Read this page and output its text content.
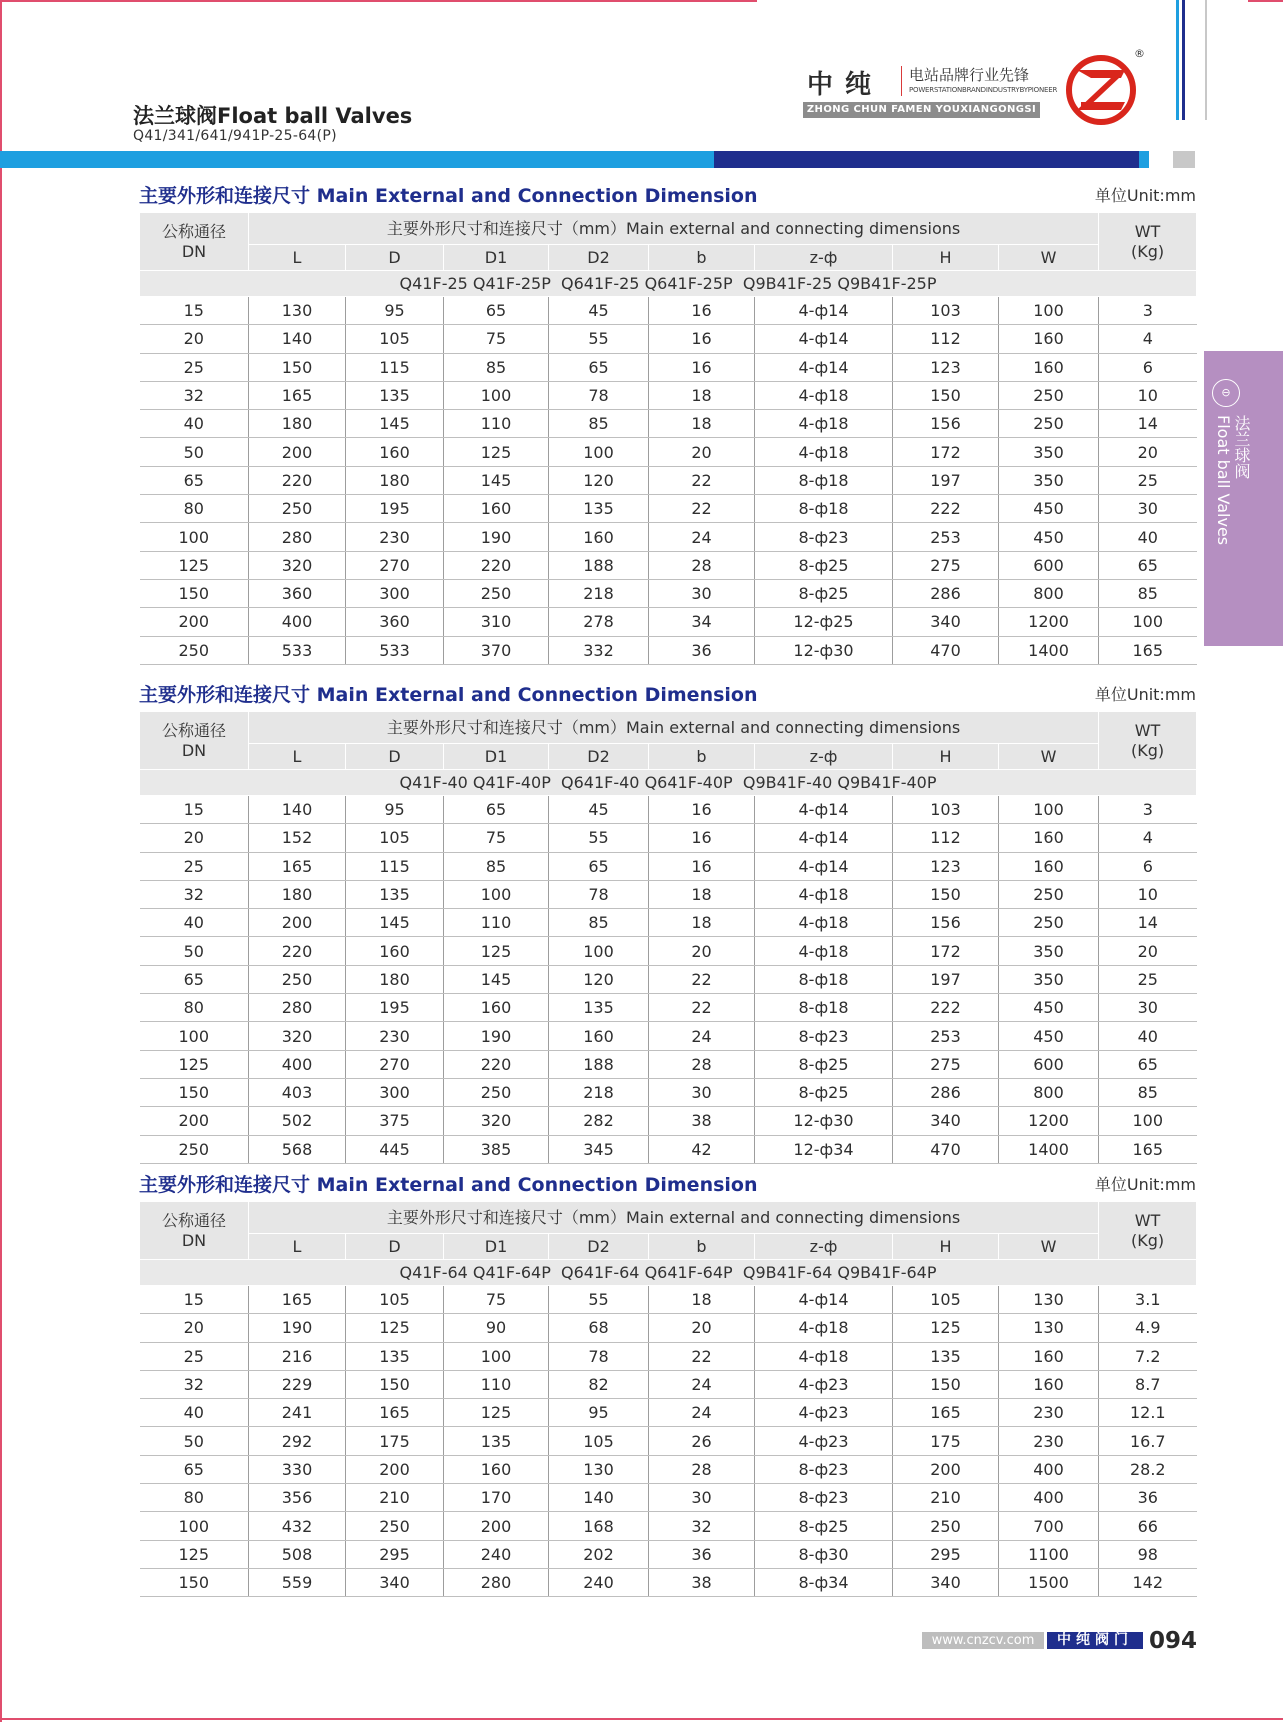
法兰球阀Float ball Valves
Q41/341/641/941P-25-64(P)
中纯 电站品牌行业先锋
POWERSTATIONBRANDINDUSTRYBYPIONEER
ZHONG CHUN FAMEN YOUXIANGONGSI
®
⊖
法兰球阀
Float ball Valves
主要外形和连接尺寸 Main External and Connection Dimension	单位Unit:mm
公称通径
DN	主要外形尺寸和连接尺寸（mm）Main external and connecting dimensions								WT
(Kg)
	L	D	D1	D2	b	z-ф	H	W	
Q41F-25 Q41F-25P  Q641F-25 Q641F-25P  Q9B41F-25 Q9B41F-25P									
15	130	95	65	45	16	4-ф14	103	100	3
20	140	105	75	55	16	4-ф14	112	160	4
25	150	115	85	65	16	4-ф14	123	160	6
32	165	135	100	78	18	4-ф18	150	250	10
40	180	145	110	85	18	4-ф18	156	250	14
50	200	160	125	100	20	4-ф18	172	350	20
65	220	180	145	120	22	8-ф18	197	350	25
80	250	195	160	135	22	8-ф18	222	450	30
100	280	230	190	160	24	8-ф23	253	450	40
125	320	270	220	188	28	8-ф25	275	600	65
150	360	300	250	218	30	8-ф25	286	800	85
200	400	360	310	278	34	12-ф25	340	1200	100
250	533	533	370	332	36	12-ф30	470	1400	165
主要外形和连接尺寸 Main External and Connection Dimension	单位Unit:mm
公称通径
DN	主要外形尺寸和连接尺寸（mm）Main external and connecting dimensions								WT
(Kg)
	L	D	D1	D2	b	z-ф	H	W	
Q41F-40 Q41F-40P  Q641F-40 Q641F-40P  Q9B41F-40 Q9B41F-40P									
15	140	95	65	45	16	4-ф14	103	100	3
20	152	105	75	55	16	4-ф14	112	160	4
25	165	115	85	65	16	4-ф14	123	160	6
32	180	135	100	78	18	4-ф18	150	250	10
40	200	145	110	85	18	4-ф18	156	250	14
50	220	160	125	100	20	4-ф18	172	350	20
65	250	180	145	120	22	8-ф18	197	350	25
80	280	195	160	135	22	8-ф18	222	450	30
100	320	230	190	160	24	8-ф23	253	450	40
125	400	270	220	188	28	8-ф25	275	600	65
150	403	300	250	218	30	8-ф25	286	800	85
200	502	375	320	282	38	12-ф30	340	1200	100
250	568	445	385	345	42	12-ф34	470	1400	165
主要外形和连接尺寸 Main External and Connection Dimension	单位Unit:mm
公称通径
DN	主要外形尺寸和连接尺寸（mm）Main external and connecting dimensions								WT
(Kg)
	L	D	D1	D2	b	z-ф	H	W	
Q41F-64 Q41F-64P  Q641F-64 Q641F-64P  Q9B41F-64 Q9B41F-64P									
15	165	105	75	55	18	4-ф14	105	130	3.1
20	190	125	90	68	20	4-ф18	125	130	4.9
25	216	135	100	78	22	4-ф18	135	160	7.2
32	229	150	110	82	24	4-ф23	150	160	8.7
40	241	165	125	95	24	4-ф23	165	230	12.1
50	292	175	135	105	26	4-ф23	175	230	16.7
65	330	200	160	130	28	8-ф23	200	400	28.2
80	356	210	170	140	30	8-ф23	210	400	36
100	432	250	200	168	32	8-ф25	250	700	66
125	508	295	240	202	36	8-ф30	295	1100	98
150	559	340	280	240	38	8-ф34	340	1500	142
www.cnzcv.com	中纯阀门 094
